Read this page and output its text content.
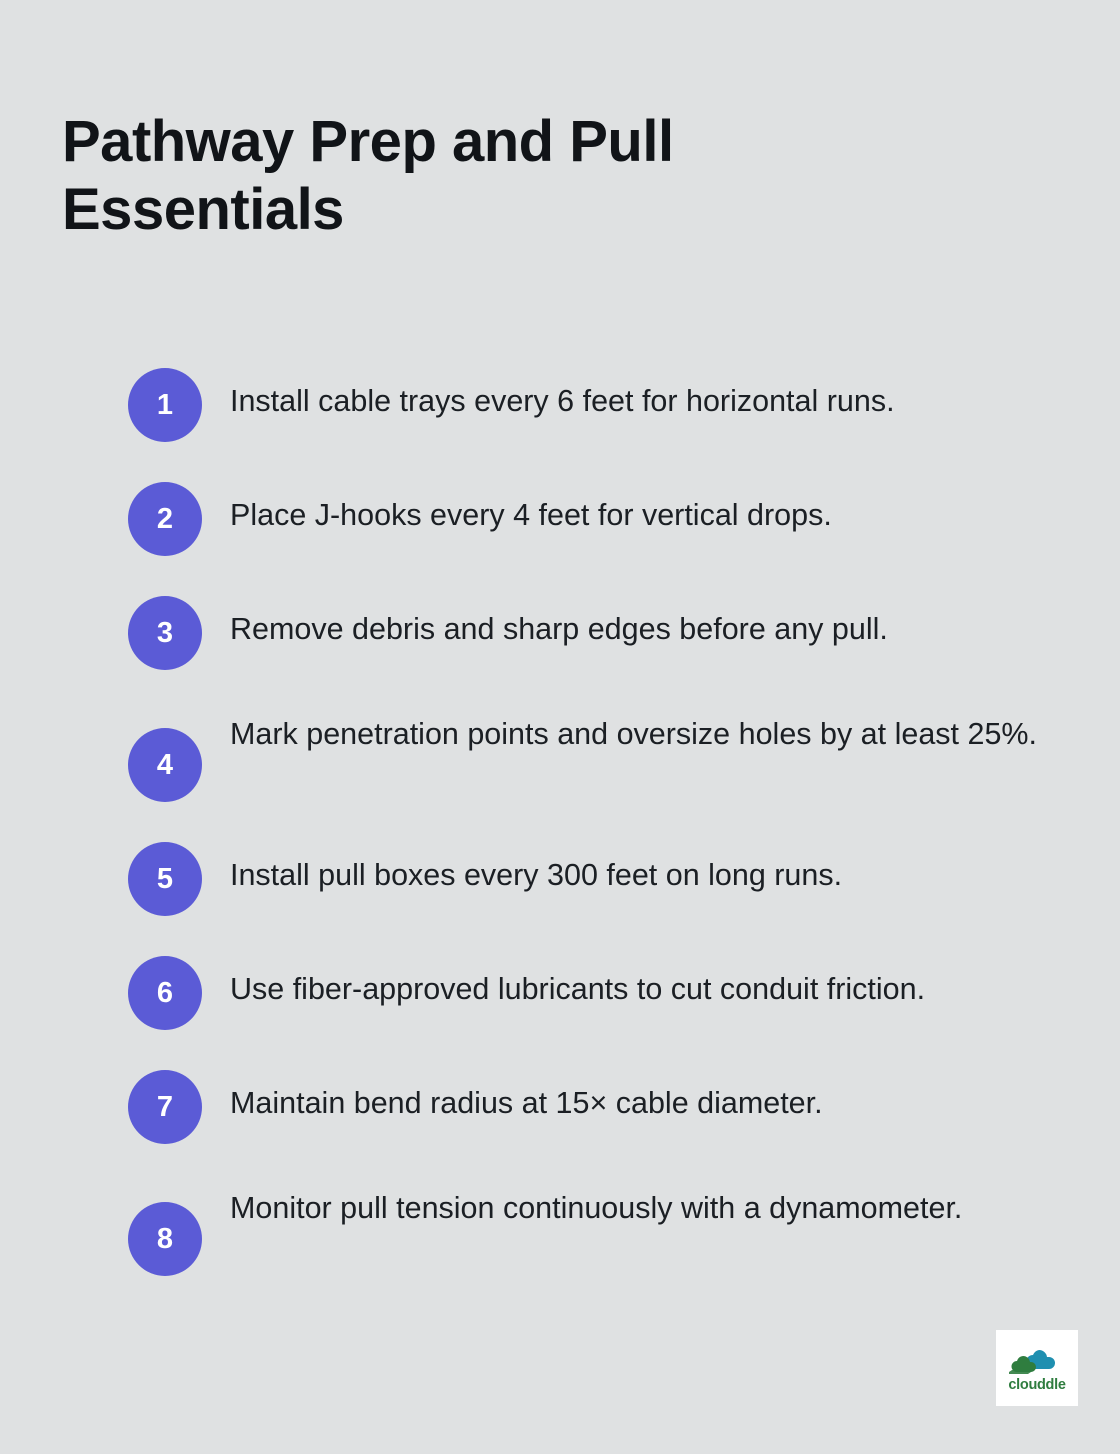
Pathway Prep and Pull Essentials
1	Install cable trays every 6 feet for horizontal runs.
2	Place J-hooks every 4 feet for vertical drops.
3	Remove debris and sharp edges before any pull.
4
Mark penetration points and oversize holes by at least 25%.
5	Install pull boxes every 300 feet on long runs.
6	Use fiber-approved lubricants to cut conduit friction.
7	Maintain bend radius at 15× cable diameter.
8
Monitor pull tension continuously with a dynamometer.
clouddle
